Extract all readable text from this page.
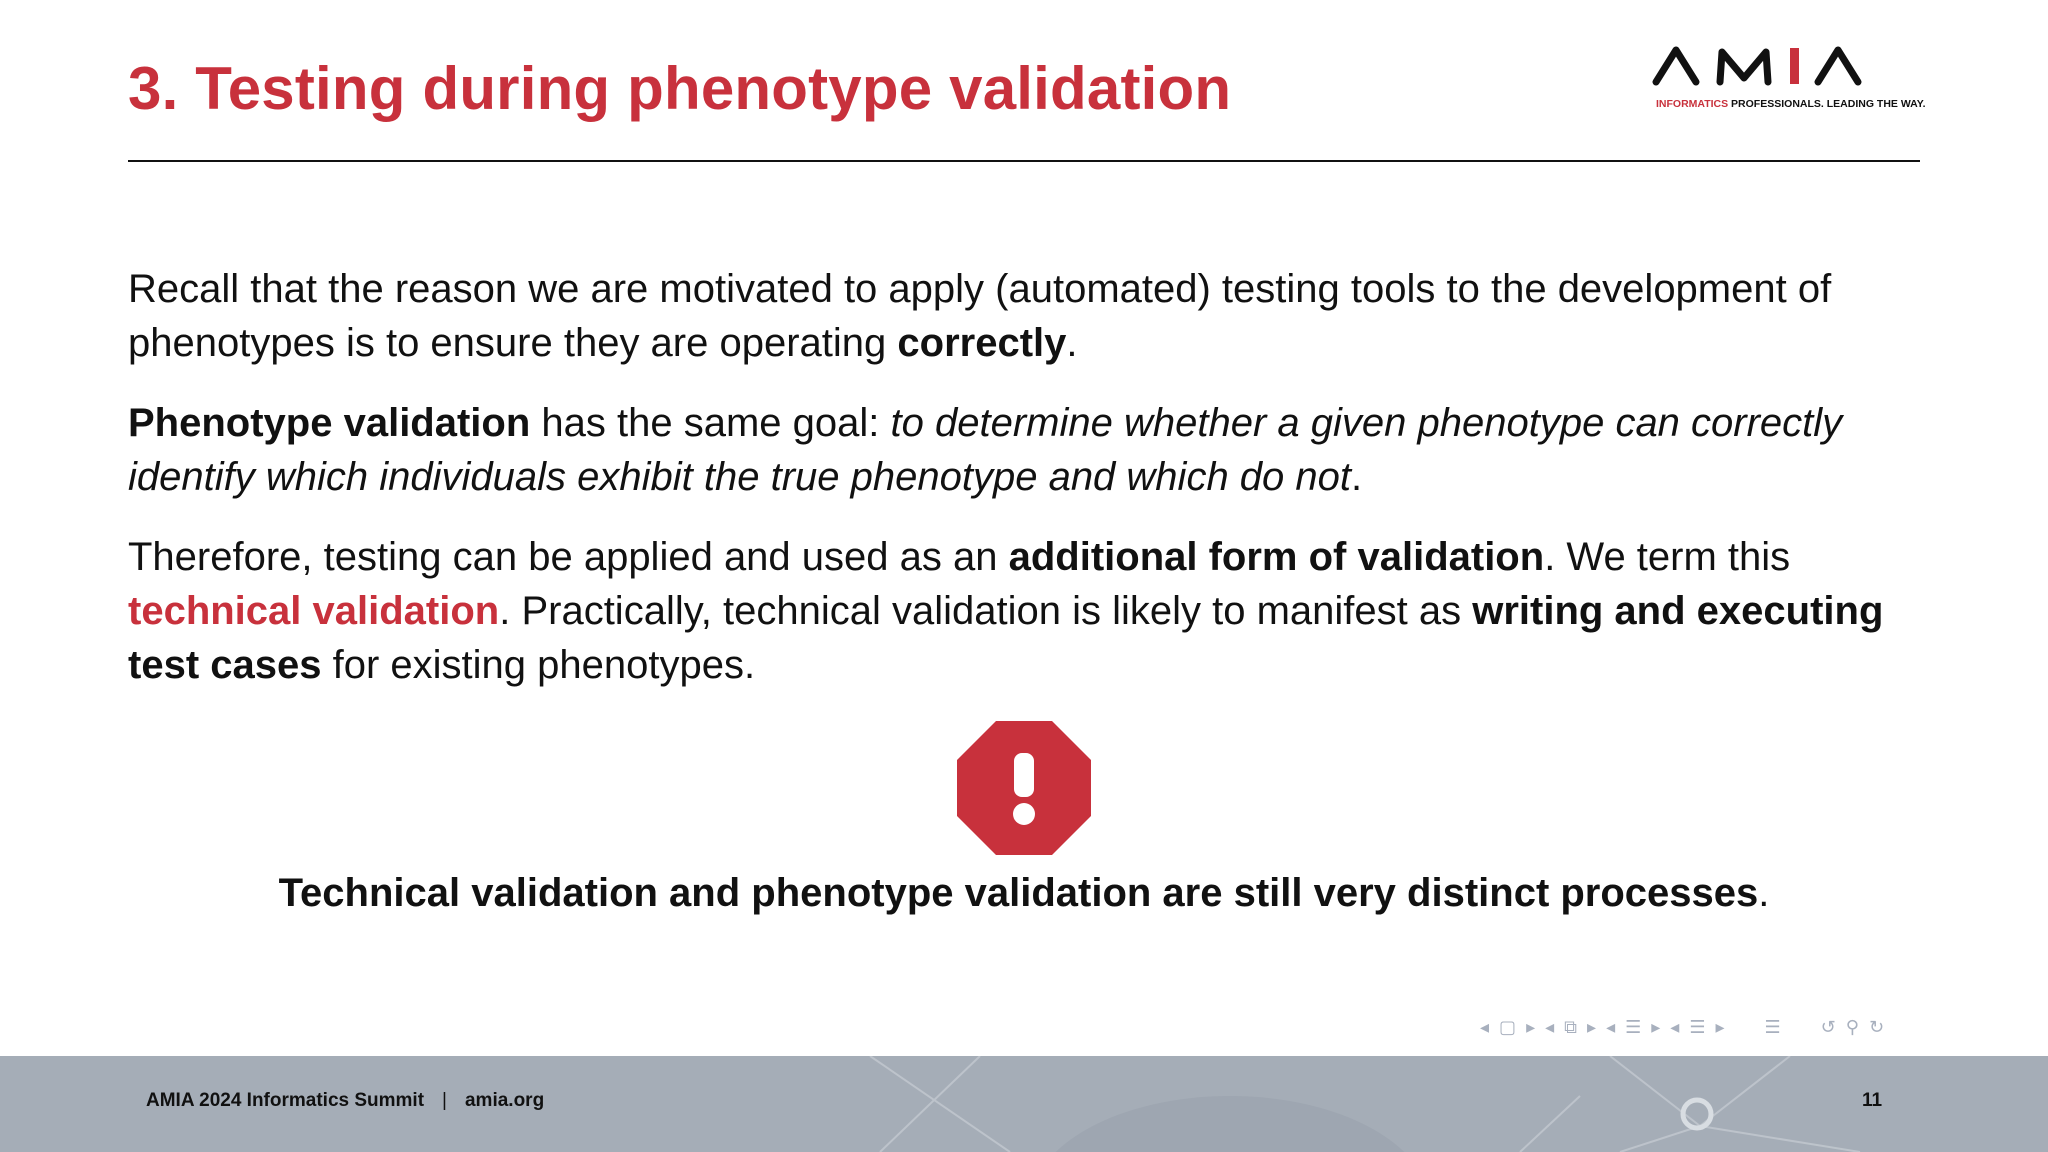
3. Testing during phenotype validation	INFORMATICS PROFESSIONALS. LEADING THE WAY.

Recall that the reason we are motivated to apply (automated) testing tools to the development of phenotypes is to ensure they are operating correctly.

Phenotype validation has the same goal: to determine whether a given phenotype can correctly identify which individuals exhibit the true phenotype and which do not.

Therefore, testing can be applied and used as an additional form of validation. We term this technical validation. Practically, technical validation is likely to manifest as writing and executing test cases for existing phenotypes.

Technical validation and phenotype validation are still very distinct processes.

◂ ▢ ▸ ◂ ⧉ ▸ ◂ ☰ ▸ ◂ ☰ ▸ ☰ ↺ ⚲ ↻
AMIA 2024 Informatics Summit | amia.org	11
